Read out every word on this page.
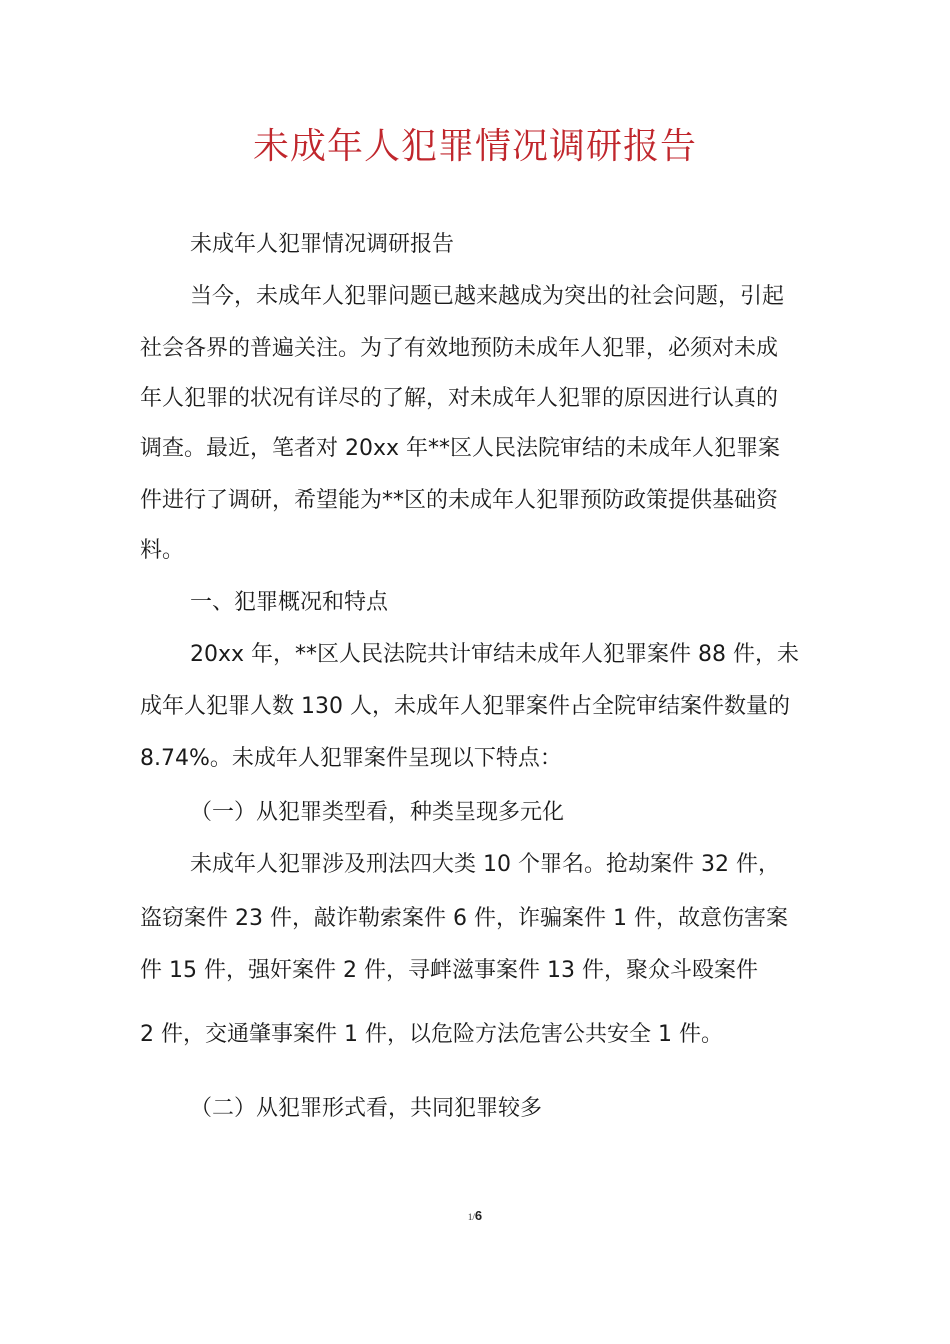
未成年人犯罪情况调研报告

未成年人犯罪情况调研报告

当今，未成年人犯罪问题已越来越成为突出的社会问题，引起

社会各界的普遍关注。为了有效地预防未成年人犯罪，必须对未成

年人犯罪的状况有详尽的了解，对未成年人犯罪的原因进行认真的

调查。最近，笔者对 20xx 年**区人民法院审结的未成年人犯罪案

件进行了调研，希望能为**区的未成年人犯罪预防政策提供基础资

料。

一、犯罪概况和特点

20xx 年，**区人民法院共计审结未成年人犯罪案件 88 件，未

成年人犯罪人数 130 人，未成年人犯罪案件占全院审结案件数量的

8.74%。未成年人犯罪案件呈现以下特点：

（一）从犯罪类型看，种类呈现多元化

未成年人犯罪涉及刑法四大类 10 个罪名。抢劫案件 32 件，

盗窃案件 23 件，敲诈勒索案件 6 件，诈骗案件 1 件，故意伤害案

件 15 件，强奸案件 2 件，寻衅滋事案件 13 件，聚众斗殴案件

2 件，交通肇事案件 1 件，以危险方法危害公共安全 1 件。

（二）从犯罪形式看，共同犯罪较多

1/6
